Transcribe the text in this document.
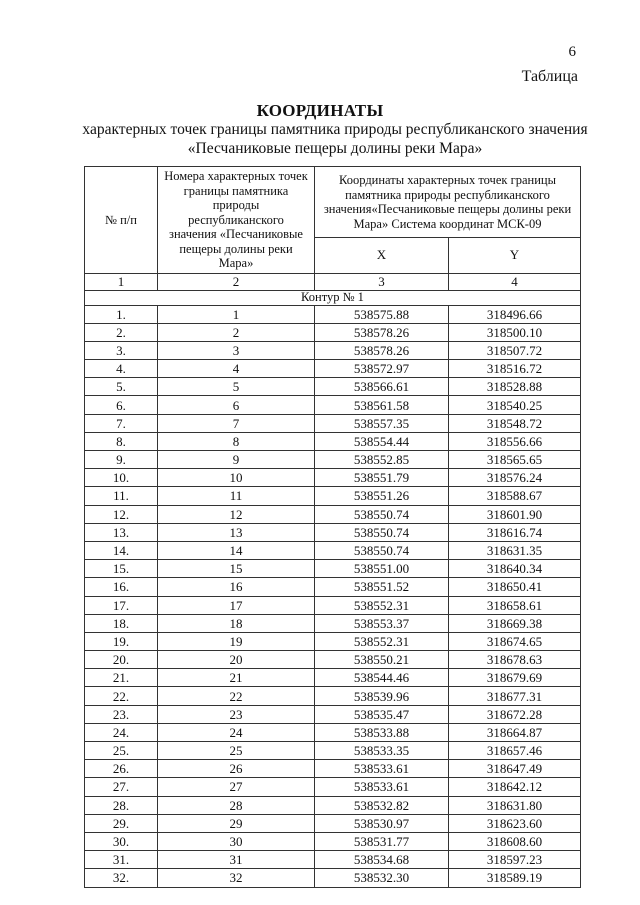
6
Таблица
КООРДИНАТЫ
характерных точек границы памятника природы республиканского значения «Песчаниковые пещеры долины реки Мара»
№ п/п	Номера характерных точек границы памятника природы республиканского значения «Песчаниковые пещеры долины реки Мара»	Координаты характерных точек границы памятника природы республиканского значения«Песчаниковые пещеры долины реки Мара» Система координат МСК-09	
		X	Y
1	2	3	4
Контур № 1			
1.	1	538575.88	318496.66
2.	2	538578.26	318500.10
3.	3	538578.26	318507.72
4.	4	538572.97	318516.72
5.	5	538566.61	318528.88
6.	6	538561.58	318540.25
7.	7	538557.35	318548.72
8.	8	538554.44	318556.66
9.	9	538552.85	318565.65
10.	10	538551.79	318576.24
11.	11	538551.26	318588.67
12.	12	538550.74	318601.90
13.	13	538550.74	318616.74
14.	14	538550.74	318631.35
15.	15	538551.00	318640.34
16.	16	538551.52	318650.41
17.	17	538552.31	318658.61
18.	18	538553.37	318669.38
19.	19	538552.31	318674.65
20.	20	538550.21	318678.63
21.	21	538544.46	318679.69
22.	22	538539.96	318677.31
23.	23	538535.47	318672.28
24.	24	538533.88	318664.87
25.	25	538533.35	318657.46
26.	26	538533.61	318647.49
27.	27	538533.61	318642.12
28.	28	538532.82	318631.80
29.	29	538530.97	318623.60
30.	30	538531.77	318608.60
31.	31	538534.68	318597.23
32.	32	538532.30	318589.19
